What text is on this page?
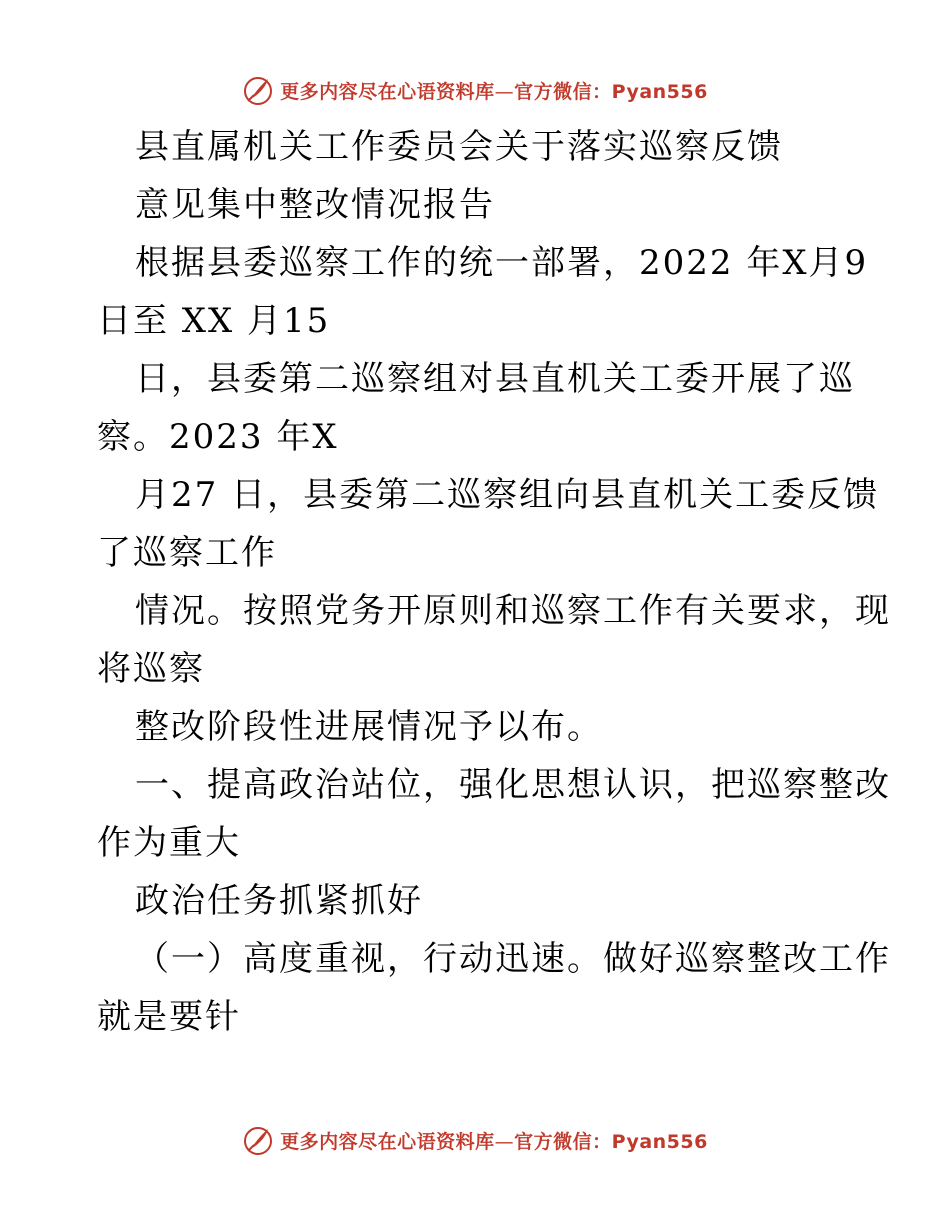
更多内容尽在心语资料库—官方微信：Pyan556
县直属机关工作委员会关于落实巡察反馈
意见集中整改情况报告
根据县委巡察工作的统一部署，2022 年X月9
日至 XX 月15
日，县委第二巡察组对县直机关工委开展了巡
察。2023 年X
月27 日，县委第二巡察组向县直机关工委反馈
了巡察工作
情况。按照党务开原则和巡察工作有关要求，现
将巡察
整改阶段性进展情况予以布。
一、提高政治站位，强化思想认识，把巡察整改
作为重大
政治任务抓紧抓好
（一）高度重视，行动迅速。做好巡察整改工作
就是要针
更多内容尽在心语资料库—官方微信：Pyan556
